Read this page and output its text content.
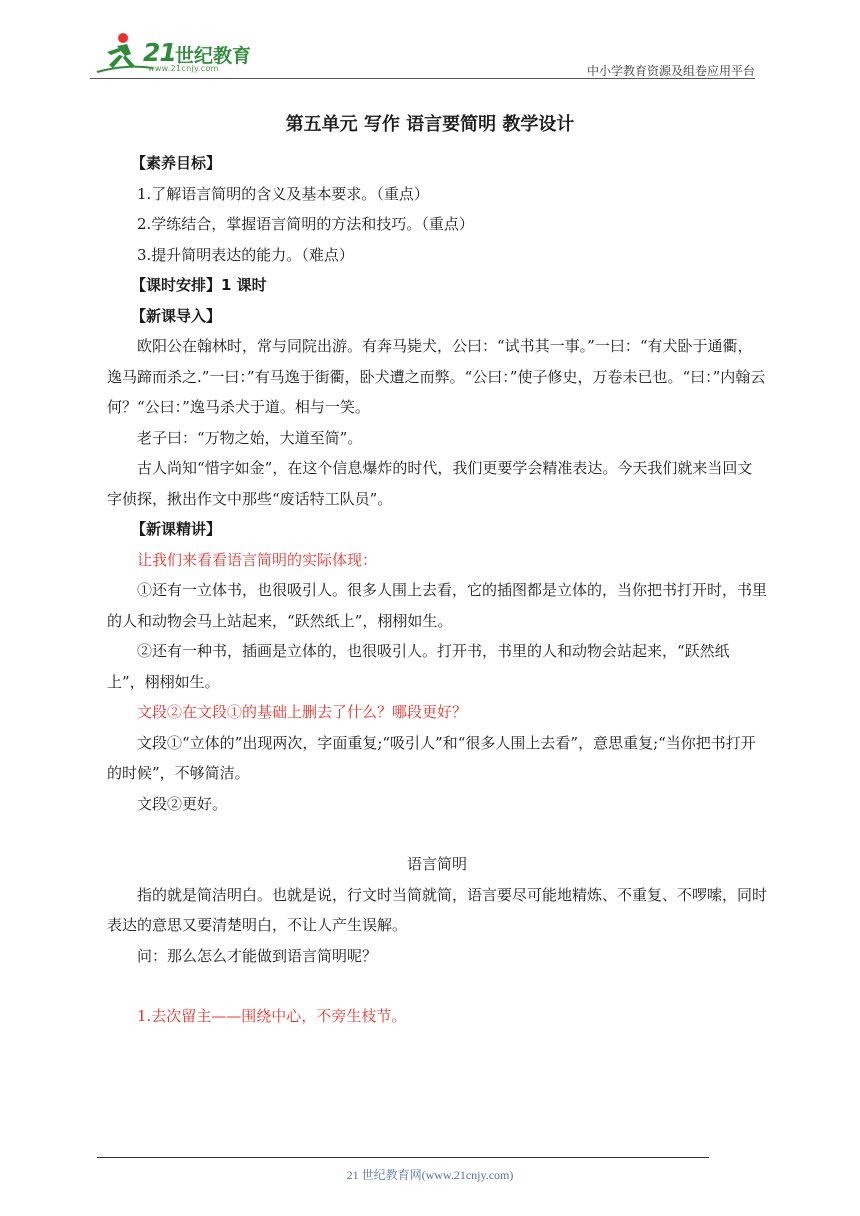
21 世纪教育
www.21cnjy.com	中小学教育资源及组卷应用平台
第五单元 写作 语言要简明 教学设计

【素养目标】

1.了解语言简明的含义及基本要求。（重点）

2.学练结合，掌握语言简明的方法和技巧。（重点）

3.提升简明表达的能力。（难点）

【课时安排】1 课时

【新课导入】

欧阳公在翰林时，常与同院出游。有奔马毙犬，公曰：“试书其一事。”一曰：“有犬卧于通衢，逸马蹄而杀之.”一曰：”有马逸于街衢，卧犬遭之而弊。“公曰：”使子修史，万卷未已也。“曰：”内翰云何？“公曰：”逸马杀犬于道。相与一笑。

老子曰：“万物之始，大道至简”。

古人尚知“惜字如金”，在这个信息爆炸的时代，我们更要学会精准表达。今天我们就来当回文字侦探，揪出作文中那些“废话特工队员”。

【新课精讲】

让我们来看看语言简明的实际体现：

①还有一立体书，也很吸引人。很多人围上去看，它的插图都是立体的，当你把书打开时，书里的人和动物会马上站起来，“跃然纸上”，栩栩如生。

②还有一种书，插画是立体的，也很吸引人。打开书，书里的人和动物会站起来，“跃然纸上”，栩栩如生。

文段②在文段①的基础上删去了什么？哪段更好？

文段①“立体的”出现两次，字面重复;“吸引人”和“很多人围上去看”，意思重复;“当你把书打开的时候”，不够简洁。

文段②更好。

语言简明

指的就是简洁明白。也就是说，行文时当简就简，语言要尽可能地精炼、不重复、不啰嗦，同时表达的意思又要清楚明白，不让人产生误解。

问：那么怎么才能做到语言简明呢？

1.去次留主——围绕中心，不旁生枝节。

21 世纪教育网(www.21cnjy.com)
